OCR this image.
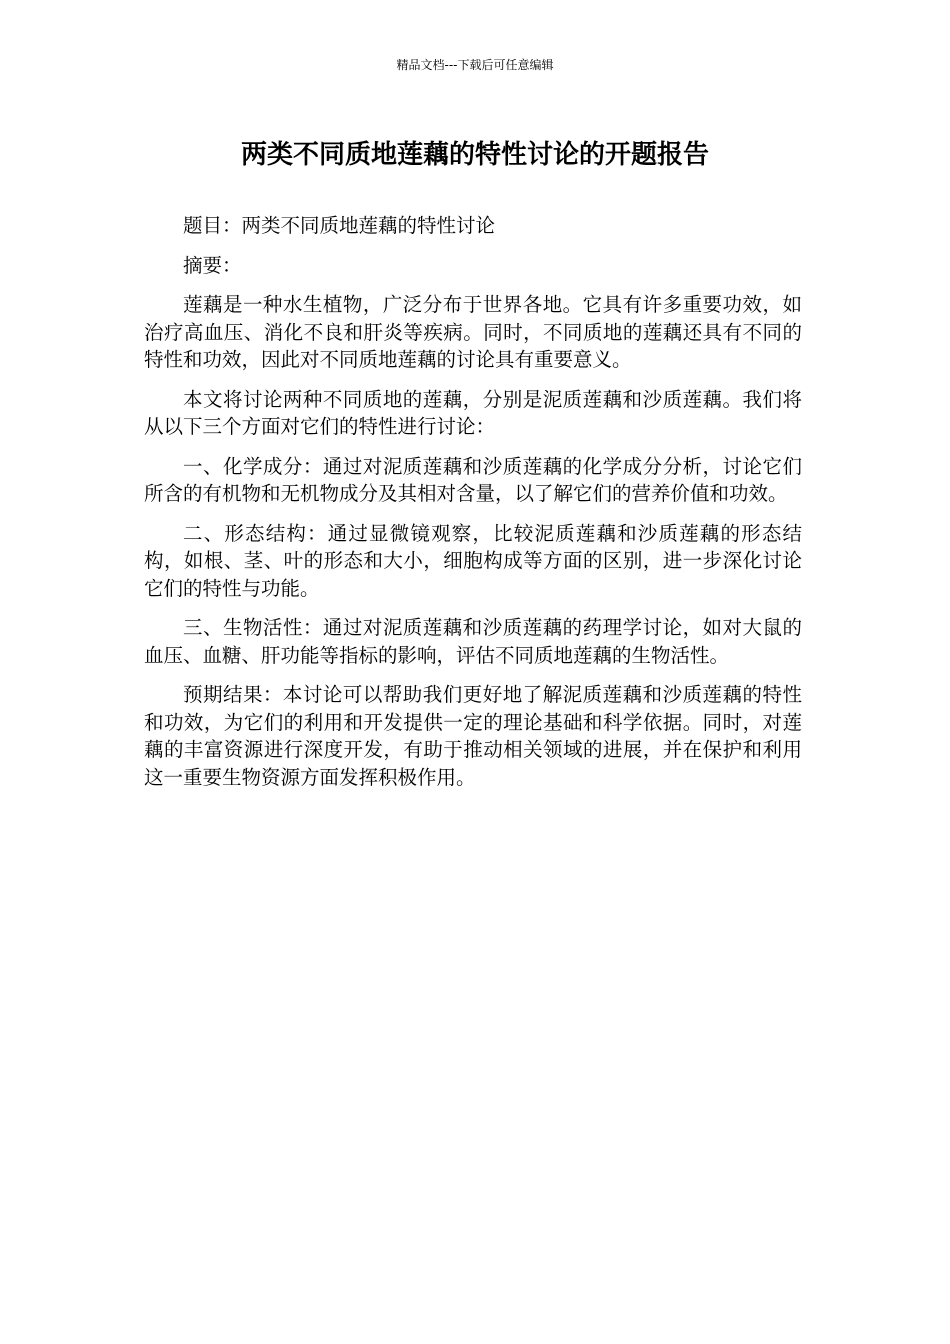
精品文档---下载后可任意编辑
两类不同质地莲藕的特性讨论的开题报告

题目：两类不同质地莲藕的特性讨论

摘要：

莲藕是一种水生植物，广泛分布于世界各地。它具有许多重要功效，如治疗高血压、消化不良和肝炎等疾病。同时，不同质地的莲藕还具有不同的特性和功效，因此对不同质地莲藕的讨论具有重要意义。

本文将讨论两种不同质地的莲藕，分别是泥质莲藕和沙质莲藕。我们将从以下三个方面对它们的特性进行讨论：

一、化学成分：通过对泥质莲藕和沙质莲藕的化学成分分析，讨论它们所含的有机物和无机物成分及其相对含量，以了解它们的营养价值和功效。

二、形态结构：通过显微镜观察，比较泥质莲藕和沙质莲藕的形态结构，如根、茎、叶的形态和大小，细胞构成等方面的区别，进一步深化讨论它们的特性与功能。

三、生物活性：通过对泥质莲藕和沙质莲藕的药理学讨论，如对大鼠的血压、血糖、肝功能等指标的影响，评估不同质地莲藕的生物活性。

预期结果：本讨论可以帮助我们更好地了解泥质莲藕和沙质莲藕的特性和功效，为它们的利用和开发提供一定的理论基础和科学依据。同时，对莲藕的丰富资源进行深度开发，有助于推动相关领域的进展，并在保护和利用这一重要生物资源方面发挥积极作用。
